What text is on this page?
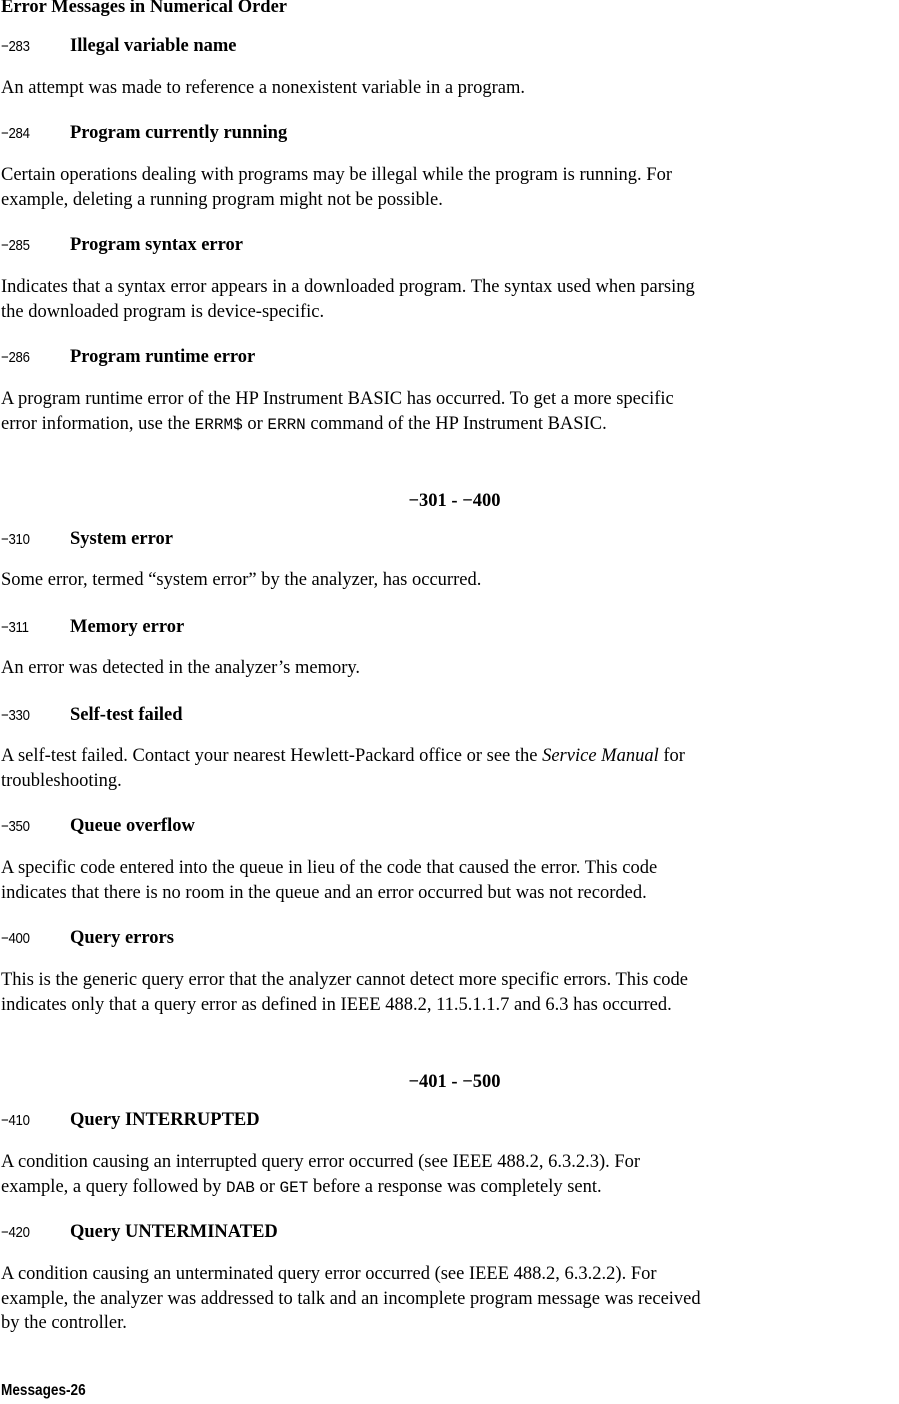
Error Messages in Numerical Order
−283	Illegal variable name
An attempt was made to reference a nonexistent variable in a program.
−284	Program currently running
Certain operations dealing with programs may be illegal while the program is running. For
example, deleting a running program might not be possible.
−285	Program syntax error
Indicates that a syntax error appears in a downloaded program. The syntax used when parsing
the downloaded program is device-specific.
−286	Program runtime error
A program runtime error of the HP Instrument BASIC has occurred. To get a more specific
error information, use the ERRM$ or ERRN command of the HP Instrument BASIC.
−301 - −400
−310	System error
Some error, termed “system error” by the analyzer, has occurred.
−311	Memory error
An error was detected in the analyzer’s memory.
−330	Self-test failed
A self-test failed. Contact your nearest Hewlett-Packard office or see the Service Manual for
troubleshooting.
−350	Queue overflow
A specific code entered into the queue in lieu of the code that caused the error. This code
indicates that there is no room in the queue and an error occurred but was not recorded.
−400	Query errors
This is the generic query error that the analyzer cannot detect more specific errors. This code
indicates only that a query error as defined in IEEE 488.2, 11.5.1.1.7 and 6.3 has occurred.
−401 - −500
−410	Query INTERRUPTED
A condition causing an interrupted query error occurred (see IEEE 488.2, 6.3.2.3). For
example, a query followed by DAB or GET before a response was completely sent.
−420	Query UNTERMINATED
A condition causing an unterminated query error occurred (see IEEE 488.2, 6.3.2.2). For
example, the analyzer was addressed to talk and an incomplete program message was received
by the controller.
Messages-26
